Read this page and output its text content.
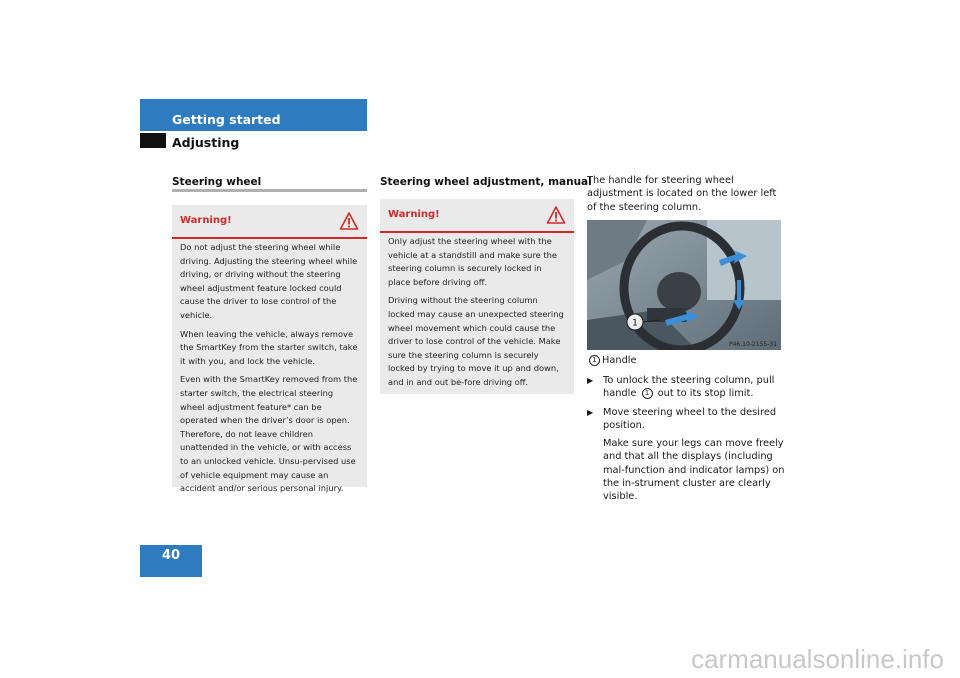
Getting started
Adjusting
Steering wheel
Warning!

Do not adjust the steering wheel while driving. Adjusting the steering wheel while driving, or driving without the steering wheel adjustment feature locked could cause the driver to lose control of the vehicle.

When leaving the vehicle, always remove the SmartKey from the starter switch, take it with you, and lock the vehicle.

Even with the SmartKey removed from the starter switch, the electrical steering wheel adjustment feature* can be operated when the driver’s door is open. Therefore, do not leave children unattended in the vehicle, or with access to an unlocked vehicle. Unsu-pervised use of vehicle equipment may cause an accident and/or serious personal injury.

Steering wheel adjustment, manual
Warning!

Only adjust the steering wheel with the vehicle at a standstill and make sure the steering column is securely locked in place before driving off.

Driving without the steering column locked may cause an unexpected steering wheel movement which could cause the driver to lose control of the vehicle. Make sure the steering column is securely locked by trying to move it up and down, and in and out be-fore driving off.

The handle for steering wheel adjustment is located on the lower left of the steering column.

1
P46.10-2155-31
1 Handle
▶ To unlock the steering column, pull handle 1 out to its stop limit.
▶ Move steering wheel to the desired position.
Make sure your legs can move freely and that all the displays (including mal-function and indicator lamps) on the in-strument cluster are clearly visible.
40
carmanualsonline.info
